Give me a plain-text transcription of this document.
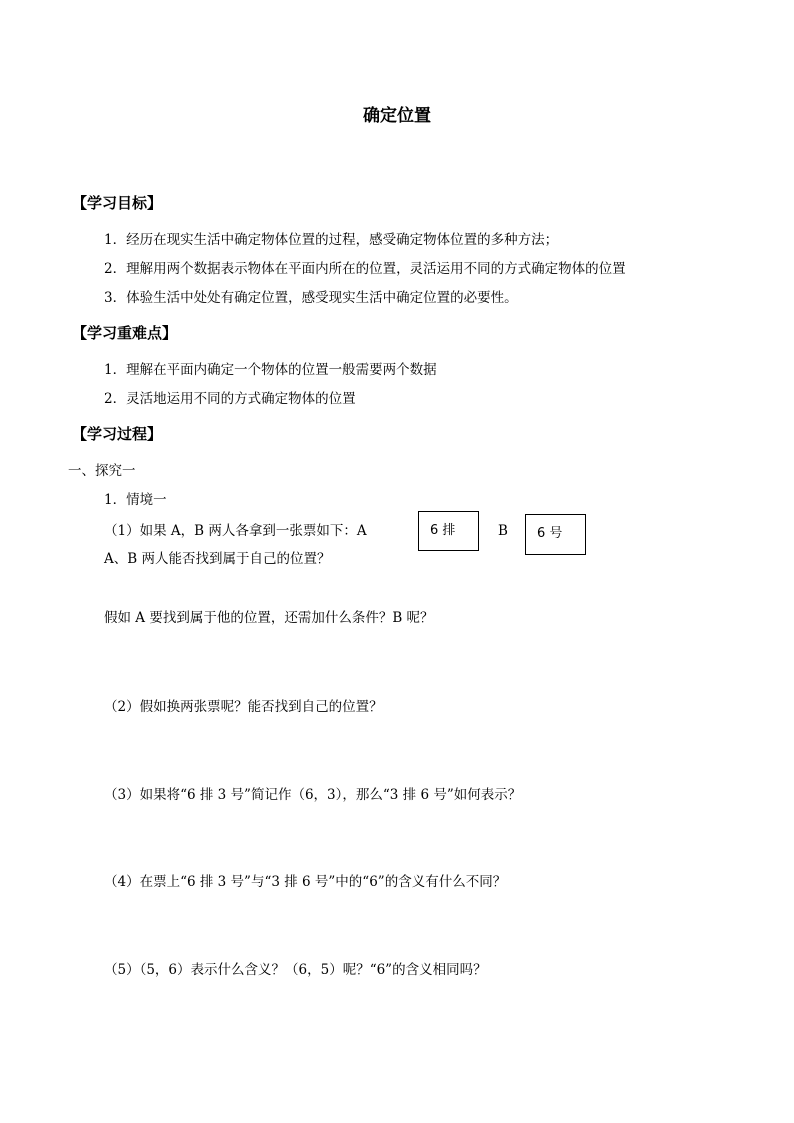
确定位置
【学习目标】
1．经历在现实生活中确定物体位置的过程，感受确定物体位置的多种方法；
2．理解用两个数据表示物体在平面内所在的位置，灵活运用不同的方式确定物体的位置
3．体验生活中处处有确定位置，感受现实生活中确定位置的必要性。
【学习重难点】
1．理解在平面内确定一个物体的位置一般需要两个数据
2．灵活地运用不同的方式确定物体的位置
【学习过程】
一、探究一
1．情境一
（1）如果 A，B 两人各拿到一张票如下：A	6 排	B	6 号
A、B 两人能否找到属于自己的位置？
假如 A 要找到属于他的位置，还需加什么条件？B 呢？
（2）假如换两张票呢？能否找到自己的位置？
（3）如果将“6 排 3 号”简记作（6，3），那么“3 排 6 号”如何表示？
（4）在票上“6 排 3 号”与“3 排 6 号”中的“6”的含义有什么不同？
（5）（5，6）表示什么含义？（6，5）呢？“6”的含义相同吗？
